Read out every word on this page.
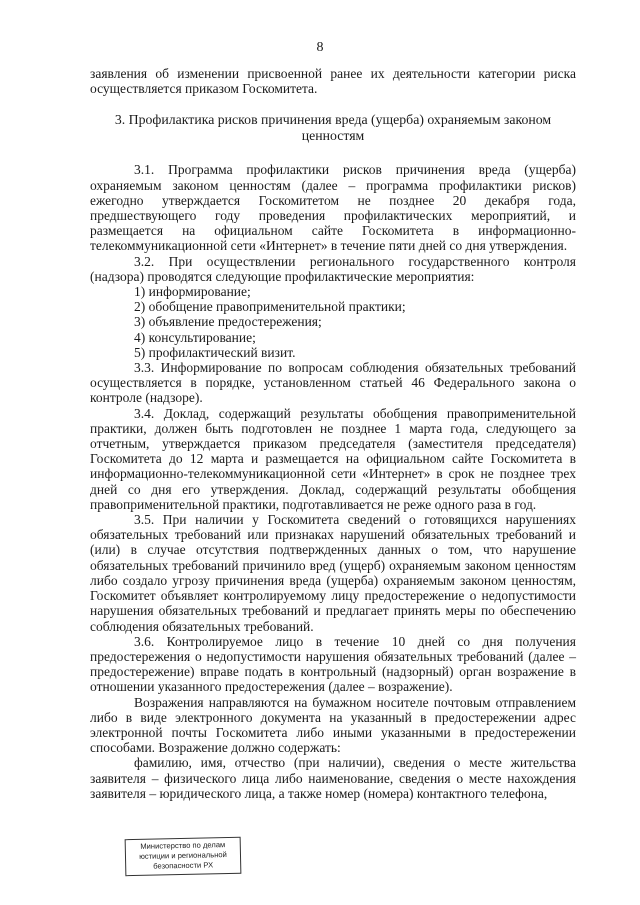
8

заявления об изменении присвоенной ранее их деятельности категории риска осуществляется приказом Госкомитета.

3. Профилактика рисков причинения вреда (ущерба) охраняемым законом ценностям

3.1. Программа профилактики рисков причинения вреда (ущерба) охраняемым законом ценностям (далее – программа профилактики рисков) ежегодно утверждается Госкомитетом не позднее 20 декабря года, предшествующего году проведения профилактических мероприятий, и размещается на официальном сайте Госкомитета в информационно-телекоммуникационной сети «Интернет» в течение пяти дней со дня утверждения.

3.2. При осуществлении регионального государственного контроля (надзора) проводятся следующие профилактические мероприятия:

1) информирование;

2) обобщение правоприменительной практики;

3) объявление предостережения;

4) консультирование;

5) профилактический визит.

3.3. Информирование по вопросам соблюдения обязательных требований осуществляется в порядке, установленном статьей 46 Федерального закона о контроле (надзоре).

3.4. Доклад, содержащий результаты обобщения правоприменительной практики, должен быть подготовлен не позднее 1 марта года, следующего за отчетным, утверждается приказом председателя (заместителя председателя) Госкомитета до 12 марта и размещается на официальном сайте Госкомитета в информационно-телекоммуникационной сети «Интернет» в срок не позднее трех дней со дня его утверждения. Доклад, содержащий результаты обобщения правоприменительной практики, подготавливается не реже одного раза в год.

3.5. При наличии у Госкомитета сведений о готовящихся нарушениях обязательных требований или признаках нарушений обязательных требований и (или) в случае отсутствия подтвержденных данных о том, что нарушение обязательных требований причинило вред (ущерб) охраняемым законом ценностям либо создало угрозу причинения вреда (ущерба) охраняемым законом ценностям, Госкомитет объявляет контролируемому лицу предостережение о недопустимости нарушения обязательных требований и предлагает принять меры по обеспечению соблюдения обязательных требований.

3.6. Контролируемое лицо в течение 10 дней со дня получения предостережения о недопустимости нарушения обязательных требований (далее – предостережение) вправе подать в контрольный (надзорный) орган возражение в отношении указанного предостережения (далее – возражение).

Возражения направляются на бумажном носителе почтовым отправлением либо в виде электронного документа на указанный в предостережении адрес электронной почты Госкомитета либо иными указанными в предостережении способами. Возражение должно содержать:

фамилию, имя, отчество (при наличии), сведения о месте жительства заявителя – физического лица либо наименование, сведения о месте нахождения заявителя – юридического лица, а также номер (номера) контактного телефона,

Министерство по делам
юстиции и региональной
безопасности РХ
